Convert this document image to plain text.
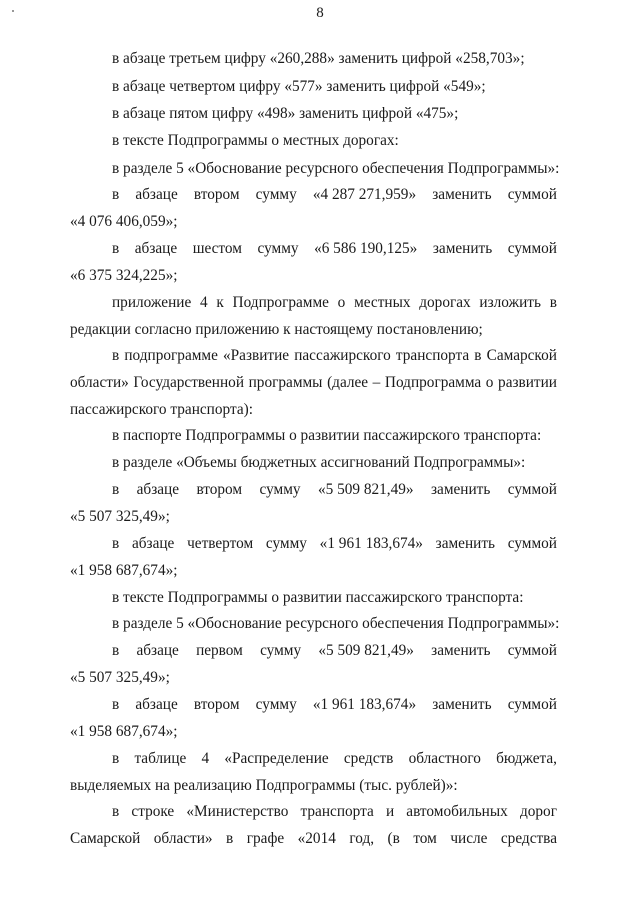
8
в абзаце третьем цифру «260,288» заменить цифрой «258,703»;
в абзаце четвертом цифру «577» заменить цифрой «549»;
в абзаце пятом цифру «498» заменить цифрой «475»;
в тексте Подпрограммы о местных дорогах:
в разделе 5 «Обоснование ресурсного обеспечения Подпрограммы»:
в абзаце втором сумму «4 287 271,959» заменить суммой
«4 076 406,059»;
в абзаце шестом сумму «6 586 190,125» заменить суммой
«6 375 324,225»;
приложение 4 к Подпрограмме о местных дорогах изложить в
редакции согласно приложению к настоящему постановлению;
в подпрограмме «Развитие пассажирского транспорта в Самарской
области» Государственной программы (далее – Подпрограмма о развитии
пассажирского транспорта):
в паспорте Подпрограммы о развитии пассажирского транспорта:
в разделе «Объемы бюджетных ассигнований Подпрограммы»:
в абзаце втором сумму «5 509 821,49» заменить суммой
«5 507 325,49»;
в абзаце четвертом сумму «1 961 183,674» заменить суммой
«1 958 687,674»;
в тексте Подпрограммы о развитии пассажирского транспорта:
в разделе 5 «Обоснование ресурсного обеспечения Подпрограммы»:
в абзаце первом сумму «5 509 821,49» заменить суммой
«5 507 325,49»;
в абзаце втором сумму «1 961 183,674» заменить суммой
«1 958 687,674»;
в таблице 4 «Распределение средств областного бюджета,
выделяемых на реализацию Подпрограммы (тыс. рублей)»:
в строке «Министерство транспорта и автомобильных дорог
Самарской области» в графе «2014 год, (в том числе средства
